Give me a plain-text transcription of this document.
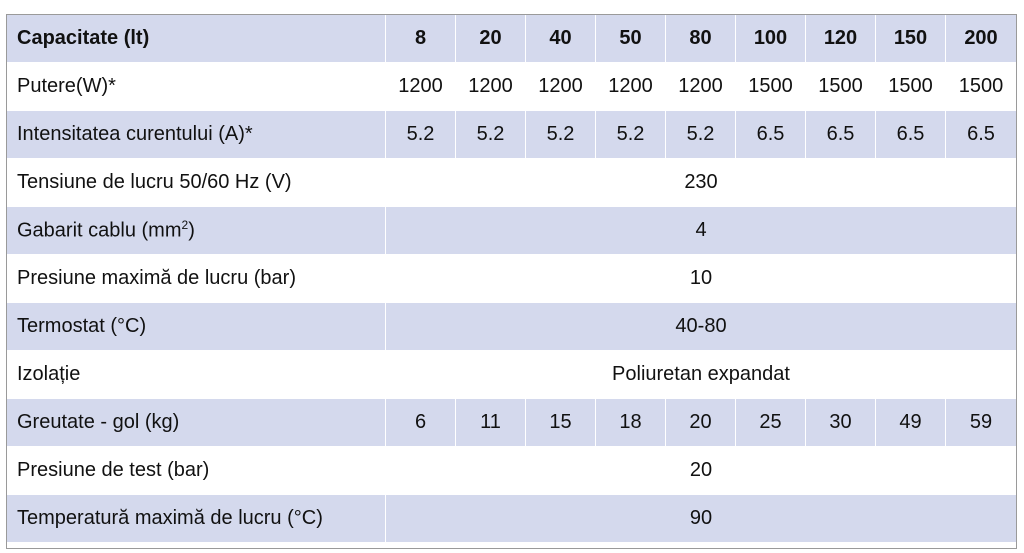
Capacitate (lt)	8	20	40	50	80	100	120	150	200
Putere(W)*	1200	1200	1200	1200	1200	1500	1500	1500	1500
Intensitatea curentului (A)*	5.2	5.2	5.2	5.2	5.2	6.5	6.5	6.5	6.5
Tensiune de lucru 50/60 Hz (V)	230								
Gabarit cablu $(mm^2)$	4								
Presiune maximă de lucru (bar)	10								
Termostat (°C)	40-80								
Izolație	Poliuretan expandat								
Greutate - gol (kg)	6	11	15	18	20	25	30	49	59
Presiune de test (bar)	20								
Temperatură maximă de lucru (°C)	90								
